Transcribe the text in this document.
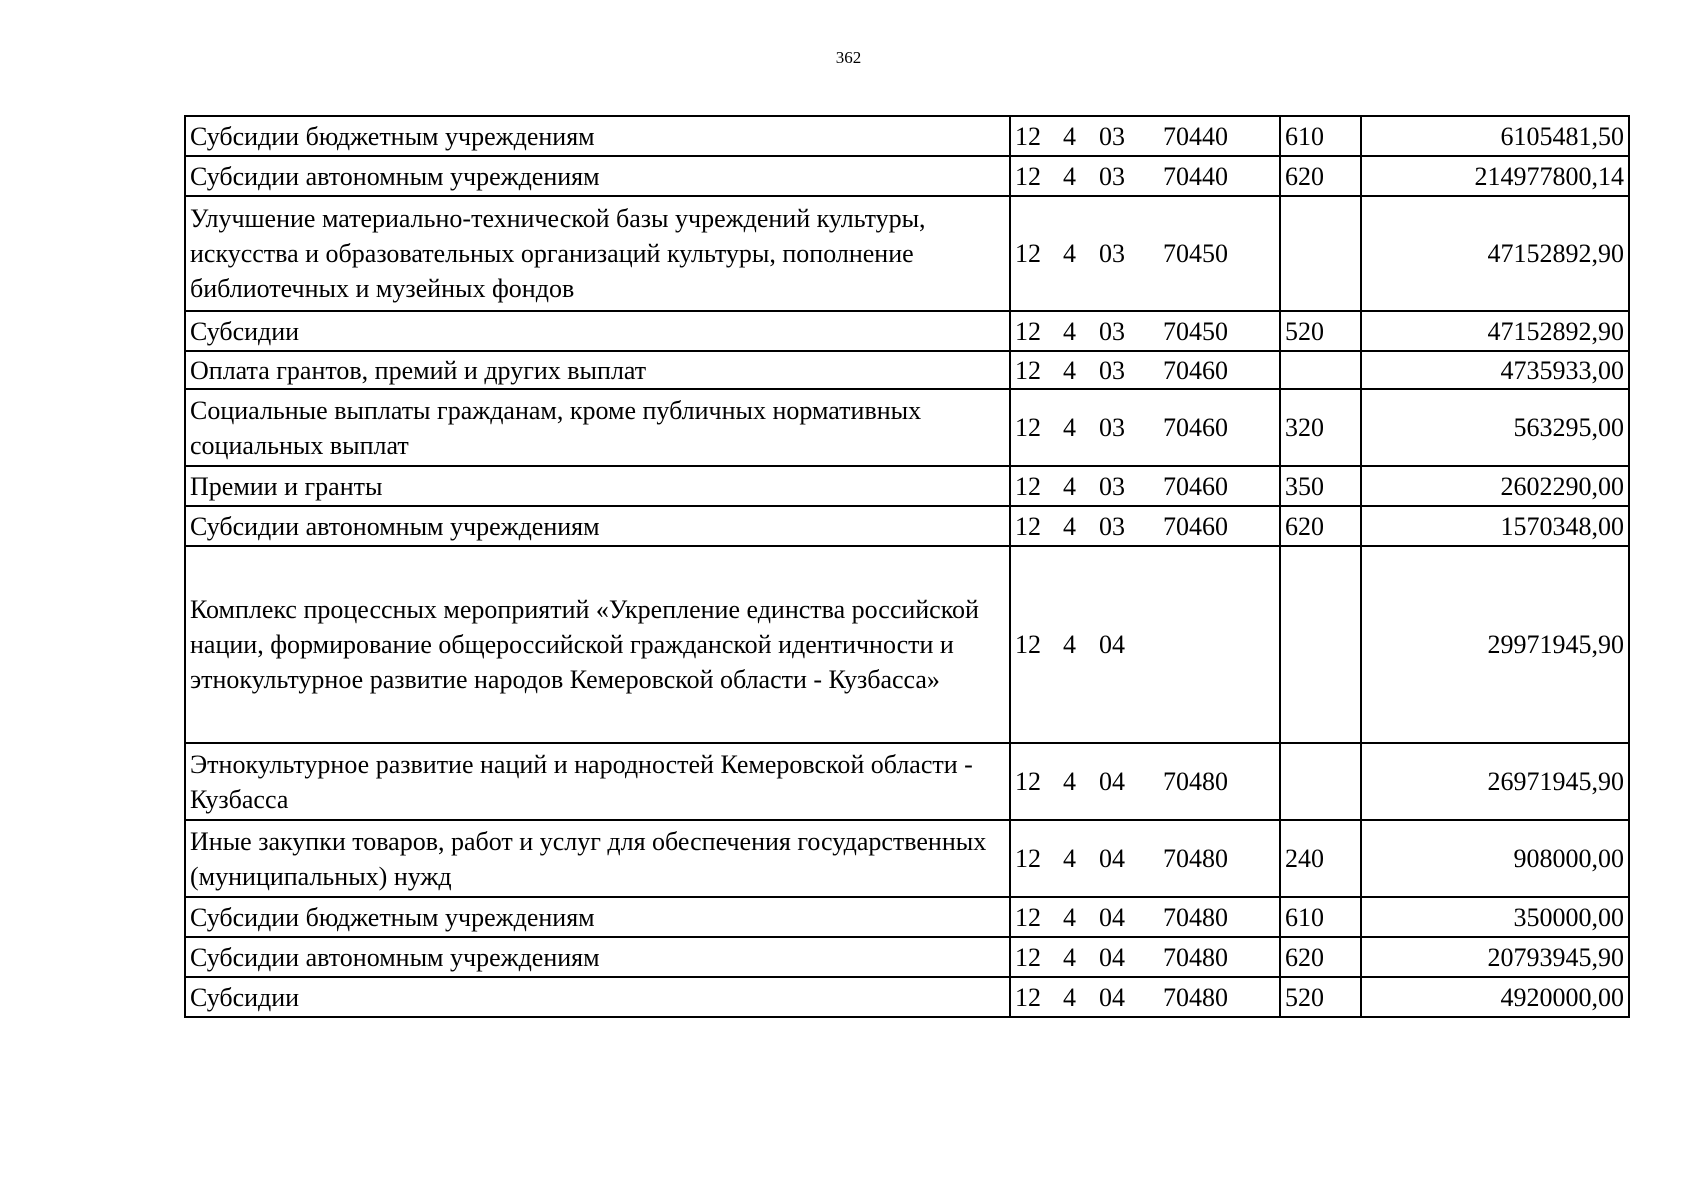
362
Субсидии бюджетным учреждениям	12 4 03 70440	610	6105481,50
Субсидии автономным учреждениям	12 4 03 70440	620	214977800,14
Улучшение материально-технической базы учреждений культуры, искусства и образовательных организаций культуры, пополнение библиотечных и музейных фондов	12 4 03 70450		47152892,90
Субсидии	12 4 03 70450	520	47152892,90
Оплата грантов, премий и других выплат	12 4 03 70460		4735933,00
Социальные выплаты гражданам, кроме публичных нормативных социальных выплат	12 4 03 70460	320	563295,00
Премии и гранты	12 4 03 70460	350	2602290,00
Субсидии автономным учреждениям	12 4 03 70460	620	1570348,00
Комплекс процессных мероприятий «Укрепление единства российской нации, формирование общероссийской гражданской идентичности и этнокультурное развитие народов Кемеровской области - Кузбасса»	12 4 04		29971945,90
Этнокультурное развитие наций и народностей Кемеровской области - Кузбасса	12 4 04 70480		26971945,90
Иные закупки товаров, работ и услуг для обеспечения государственных (муниципальных) нужд	12 4 04 70480	240	908000,00
Субсидии бюджетным учреждениям	12 4 04 70480	610	350000,00
Субсидии автономным учреждениям	12 4 04 70480	620	20793945,90
Субсидии	12 4 04 70480	520	4920000,00
